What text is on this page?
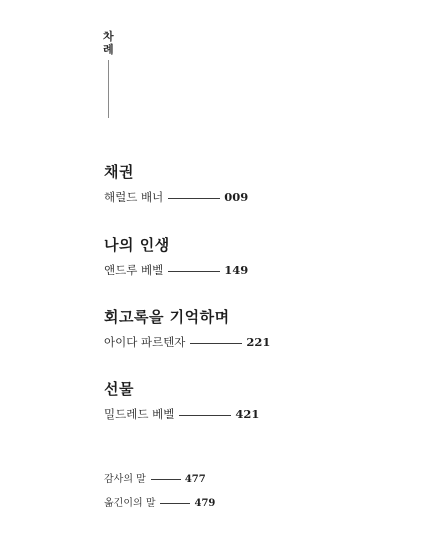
차
례
채권
해럴드 배너	009
나의 인생
앤드루 베벨	149
회고록을 기억하며
아이다 파르텐자	221
선물
밀드레드 베벨	421
감사의 말	477
옮긴이의 말	479
